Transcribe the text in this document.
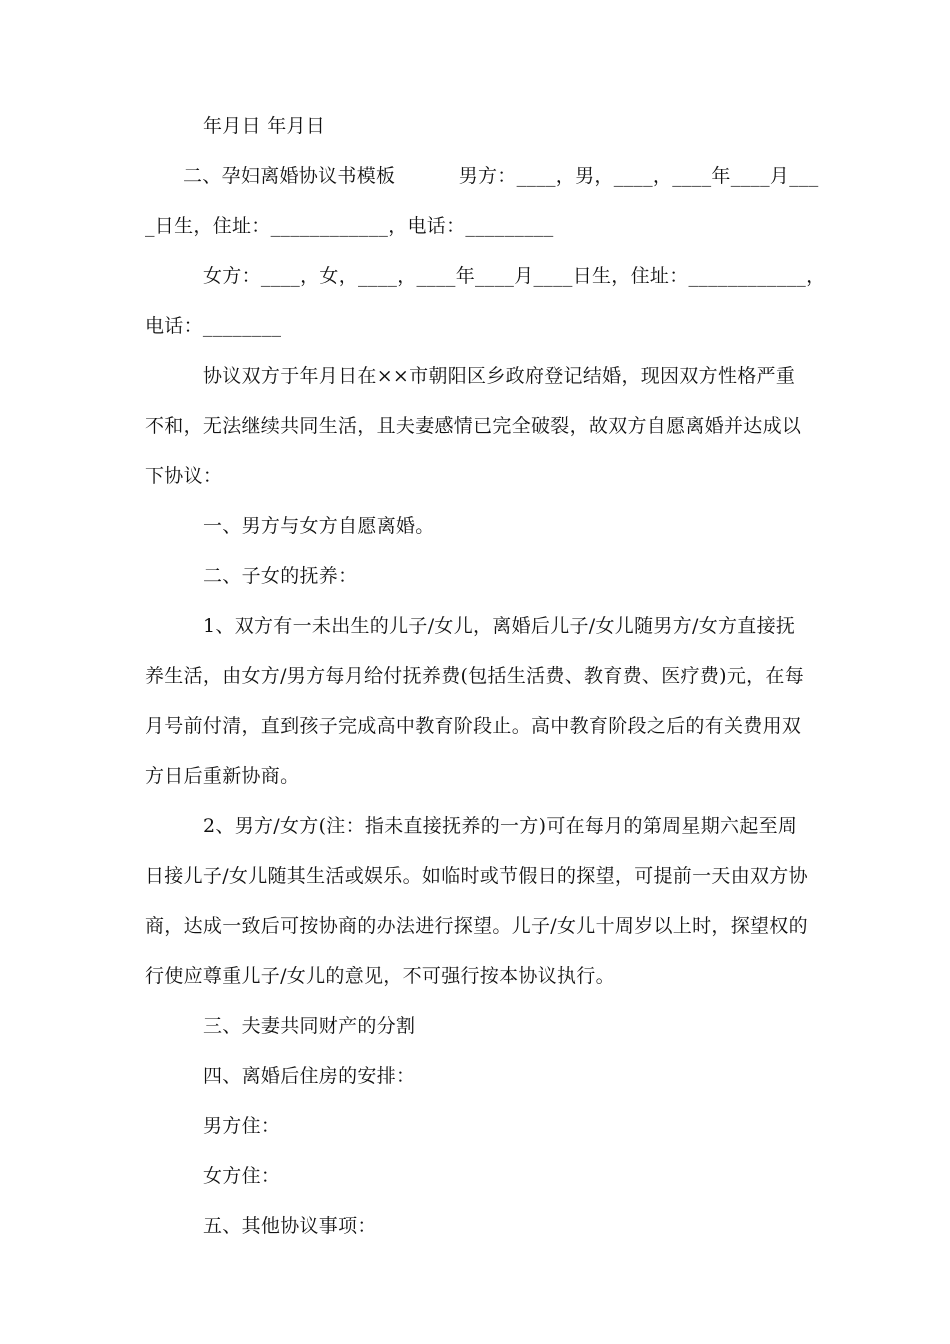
年月日 年月日
二、孕妇离婚协议书模板          男方：____，男，____，____年____月___
_日生，住址：____________，电话：_________
女方：____，女，____，____年____月____日生，住址：____________，
电话：________
协议双方于年月日在××市朝阳区乡政府登记结婚，现因双方性格严重
不和，无法继续共同生活，且夫妻感情已完全破裂，故双方自愿离婚并达成以
下协议：
一、男方与女方自愿离婚。
二、子女的抚养：
1、双方有一未出生的儿子/女儿，离婚后儿子/女儿随男方/女方直接抚
养生活，由女方/男方每月给付抚养费(包括生活费、教育费、医疗费)元，在每
月号前付清，直到孩子完成高中教育阶段止。高中教育阶段之后的有关费用双
方日后重新协商。
2、男方/女方(注：指未直接抚养的一方)可在每月的第周星期六起至周
日接儿子/女儿随其生活或娱乐。如临时或节假日的探望，可提前一天由双方协
商，达成一致后可按协商的办法进行探望。儿子/女儿十周岁以上时，探望权的
行使应尊重儿子/女儿的意见，不可强行按本协议执行。
三、夫妻共同财产的分割
四、离婚后住房的安排：
男方住：
女方住：
五、其他协议事项：
